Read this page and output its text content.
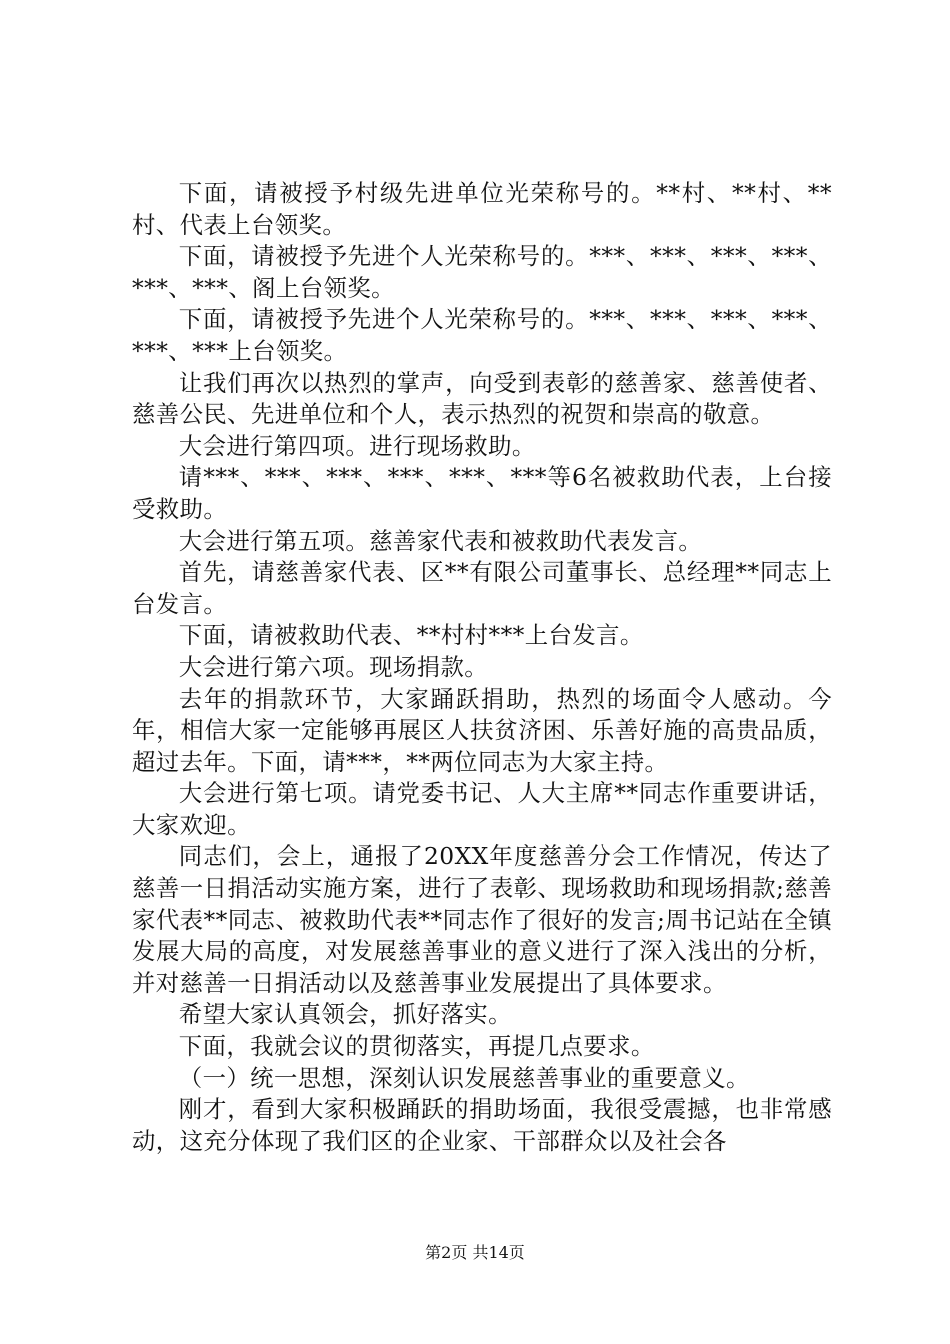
下面，请被授予村级先进单位光荣称号的。**村、**村、**村、代表上台领奖。

下面，请被授予先进个人光荣称号的。***、***、***、***、***、***、阁上台领奖。

下面，请被授予先进个人光荣称号的。***、***、***、***、***、***上台领奖。

让我们再次以热烈的掌声，向受到表彰的慈善家、慈善使者、慈善公民、先进单位和个人，表示热烈的祝贺和崇高的敬意。

大会进行第四项。进行现场救助。

请***、***、***、***、***、***等6名被救助代表，上台接受救助。

大会进行第五项。慈善家代表和被救助代表发言。

首先，请慈善家代表、区**有限公司董事长、总经理**同志上台发言。

下面，请被救助代表、**村村***上台发言。

大会进行第六项。现场捐款。

去年的捐款环节，大家踊跃捐助，热烈的场面令人感动。今年，相信大家一定能够再展区人扶贫济困、乐善好施的高贵品质，超过去年。下面，请***，**两位同志为大家主持。

大会进行第七项。请党委书记、人大主席**同志作重要讲话，大家欢迎。

同志们，会上，通报了20XX年度慈善分会工作情况，传达了慈善一日捐活动实施方案，进行了表彰、现场救助和现场捐款;慈善家代表**同志、被救助代表**同志作了很好的发言;周书记站在全镇发展大局的高度，对发展慈善事业的意义进行了深入浅出的分析，并对慈善一日捐活动以及慈善事业发展提出了具体要求。

希望大家认真领会，抓好落实。

下面，我就会议的贯彻落实，再提几点要求。

（一）统一思想，深刻认识发展慈善事业的重要意义。

刚才，看到大家积极踊跃的捐助场面，我很受震撼，也非常感动，这充分体现了我们区的企业家、干部群众以及社会各

第2页 共14页
